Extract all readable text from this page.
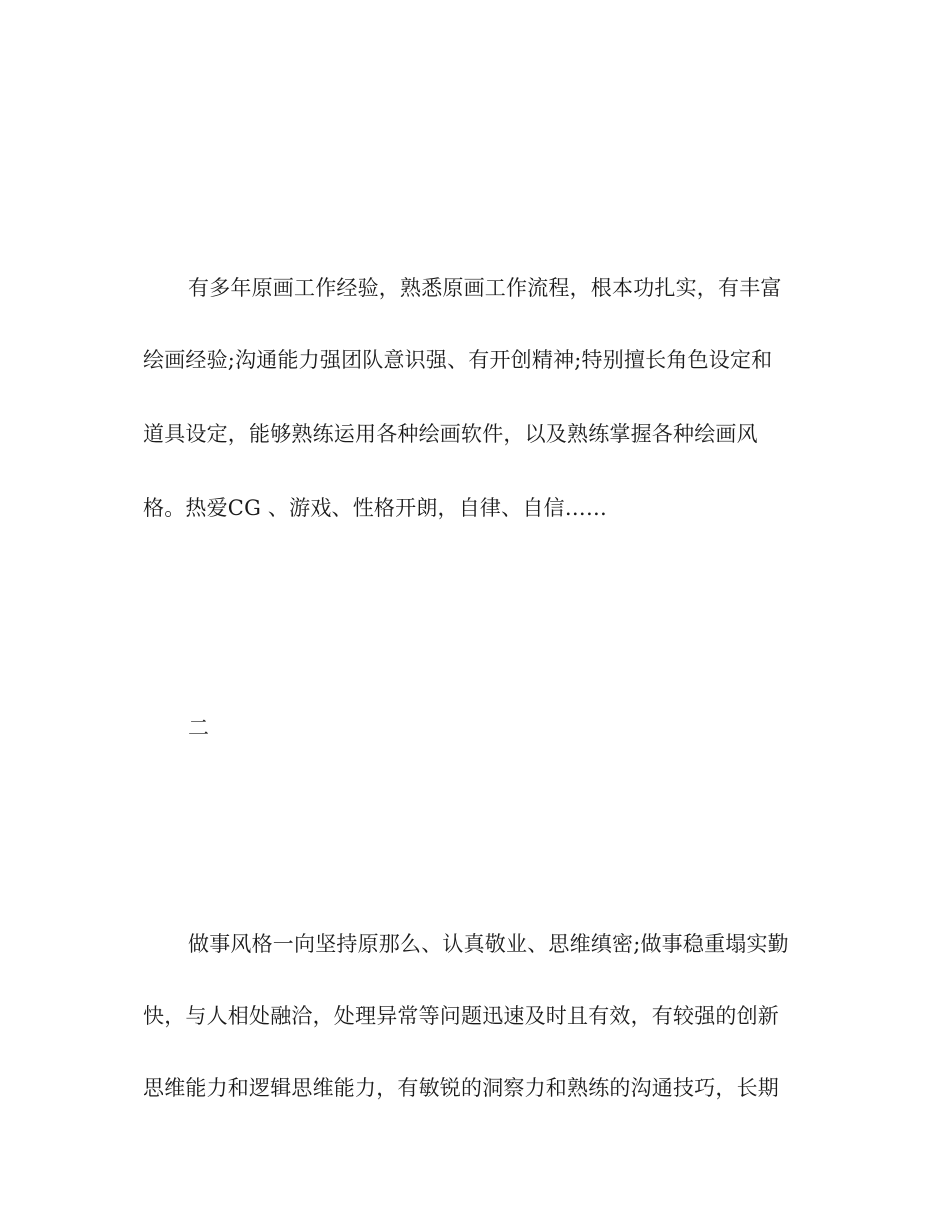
有多年原画工作经验，熟悉原画工作流程，根本功扎实，有丰富
绘画经验;沟通能力强团队意识强、有开创精神;特别擅长角色设定和
道具设定，能够熟练运用各种绘画软件，以及熟练掌握各种绘画风
格。热爱CG 、游戏、性格开朗，自律、自信……
二
做事风格一向坚持原那么、认真敬业、思维缜密;做事稳重塌实勤
快，与人相处融洽，处理异常等问题迅速及时且有效，有较强的创新
思维能力和逻辑思维能力，有敏锐的洞察力和熟练的沟通技巧，长期
